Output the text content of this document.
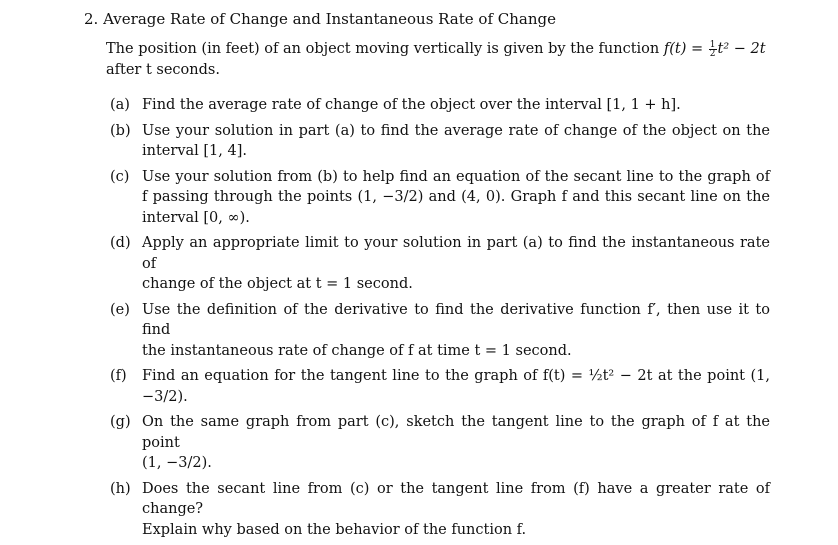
2. Average Rate of Change and Instantaneous Rate of Change
The position (in feet) of an object moving vertically is given by the function $f(t) = \frac{1}{2} t^2 - 2t$
after t seconds.
(a) Find the average rate of change of the object over the interval [1, 1 + h].
(b) Use your solution in part (a) to find the average rate of change of the object on the
interval [1, 4].
(c) Use your solution from (b) to help find an equation of the secant line to the graph of
f passing through the points (1, −3/2) and (4, 0). Graph f and this secant line on the
interval [0, ∞).
(d) Apply an appropriate limit to your solution in part (a) to find the instantaneous rate of
change of the object at t = 1 second.
(e) Use the definition of the derivative to find the derivative function f′, then use it to find
the instantaneous rate of change of f at time t = 1 second.
(f) Find an equation for the tangent line to the graph of f(t) = ½t² − 2t at the point (1, −3/2).
(g) On the same graph from part (c), sketch the tangent line to the graph of f at the point
(1, −3/2).
(h) Does the secant line from (c) or the tangent line from (f) have a greater rate of change?
Explain why based on the behavior of the function f.
